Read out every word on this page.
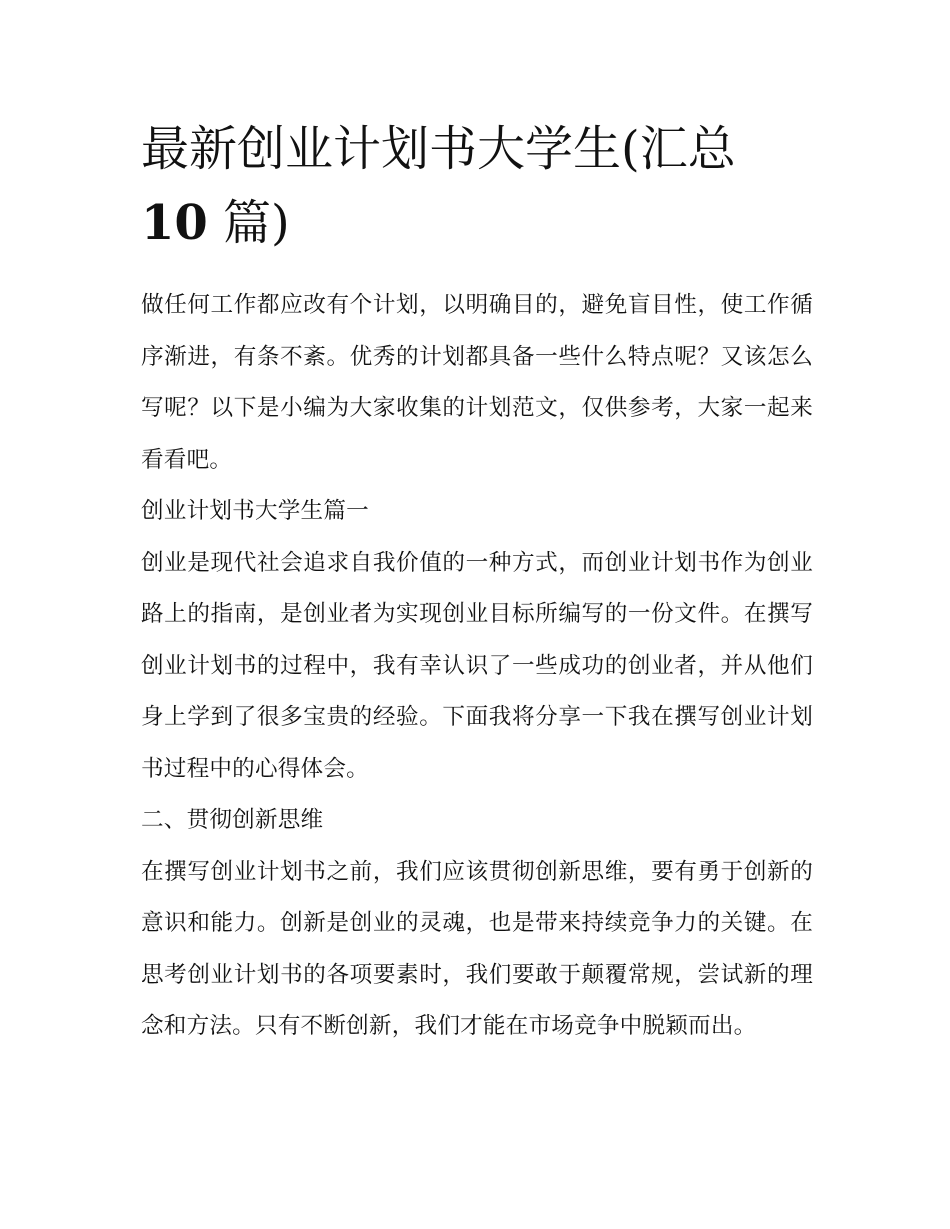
最新创业计划书大学生(汇总
10 篇)

做任何工作都应改有个计划，以明确目的，避免盲目性，使工作循序渐进，有条不紊。优秀的计划都具备一些什么特点呢？又该怎么写呢？以下是小编为大家收集的计划范文，仅供参考，大家一起来看看吧。

创业计划书大学生篇一

创业是现代社会追求自我价值的一种方式，而创业计划书作为创业路上的指南，是创业者为实现创业目标所编写的一份文件。在撰写创业计划书的过程中，我有幸认识了一些成功的创业者，并从他们身上学到了很多宝贵的经验。下面我将分享一下我在撰写创业计划书过程中的心得体会。

二、贯彻创新思维

在撰写创业计划书之前，我们应该贯彻创新思维，要有勇于创新的意识和能力。创新是创业的灵魂，也是带来持续竞争力的关键。在思考创业计划书的各项要素时，我们要敢于颠覆常规，尝试新的理念和方法。只有不断创新，我们才能在市场竞争中脱颖而出。
